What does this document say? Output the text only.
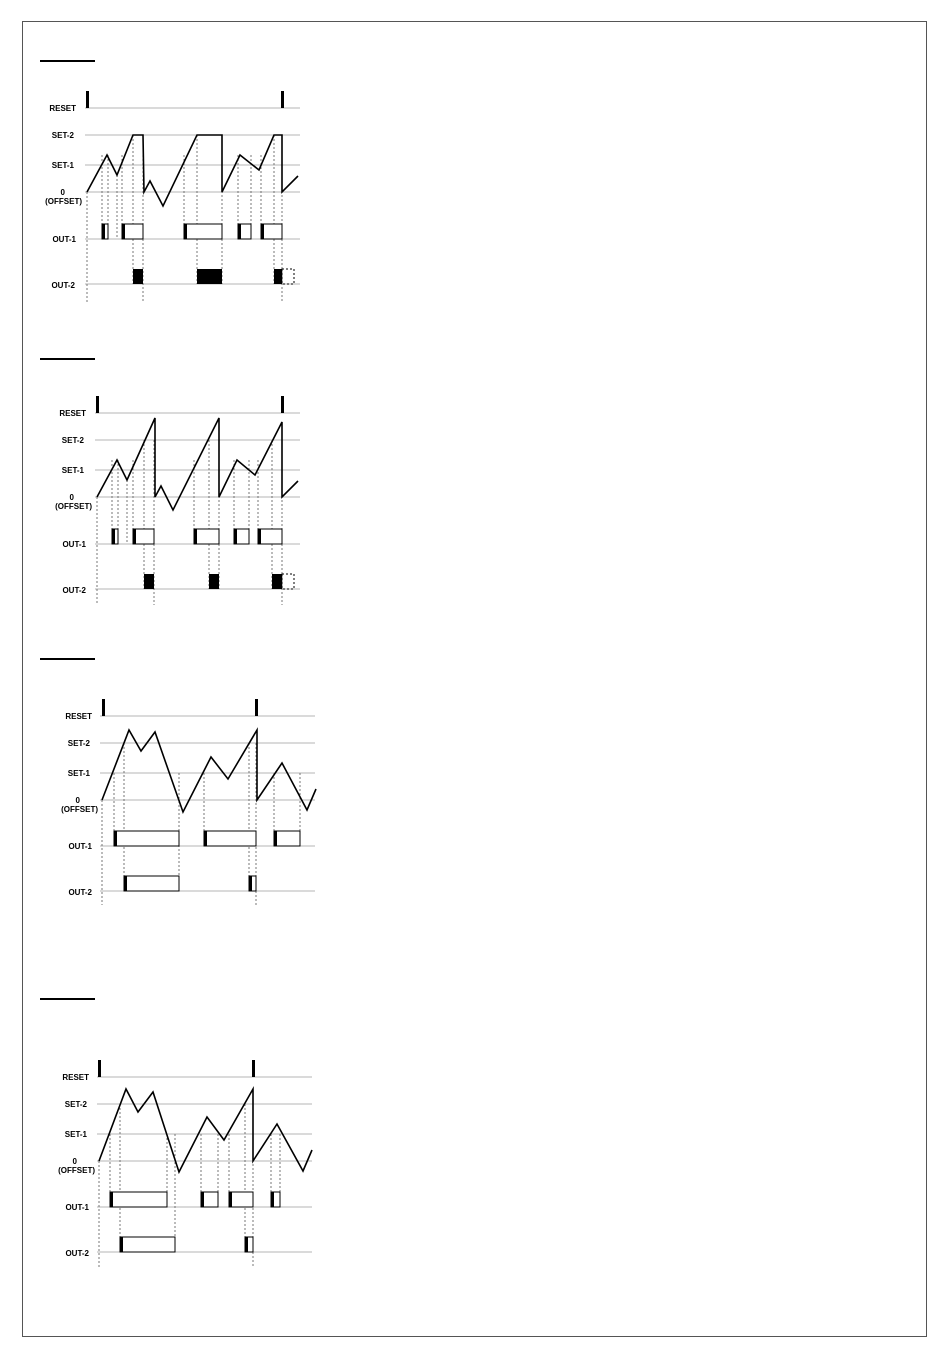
RESET
SET-2
SET-1
0
(OFFSET)
OUT-1
OUT-2
RESET
SET-2
SET-1
0
(OFFSET)
OUT-1
OUT-2
RESET
SET-2
SET-1
0
(OFFSET)
OUT-1
OUT-2
RESET
SET-2
SET-1
0
(OFFSET)
OUT-1
OUT-2
